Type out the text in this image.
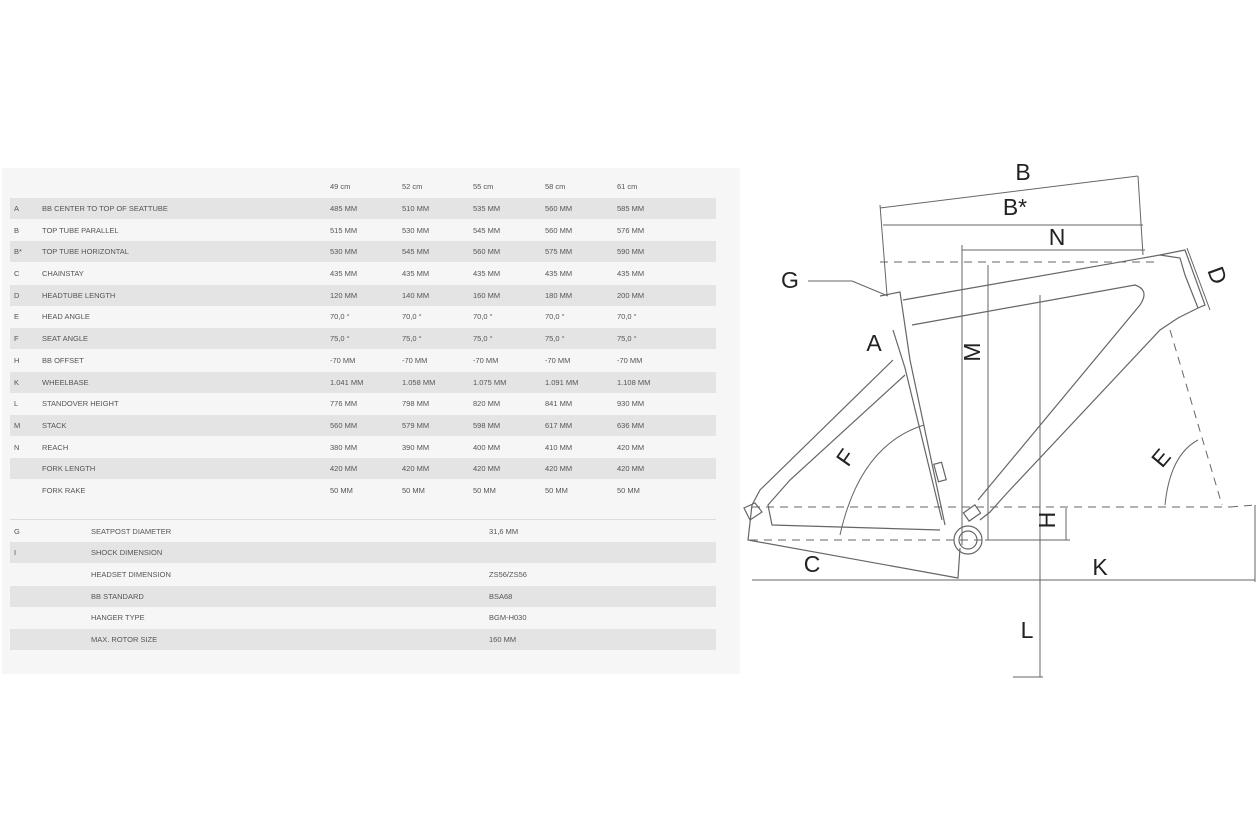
49 cm	52 cm	55 cm	58 cm	61 cm
A	BB CENTER TO TOP OF SEATTUBE	485 MM	510 MM	535 MM	560 MM	585 MM
B	TOP TUBE PARALLEL	515 MM	530 MM	545 MM	560 MM	576 MM
B*	TOP TUBE HORIZONTAL	530 MM	545 MM	560 MM	575 MM	590 MM
C	CHAINSTAY	435 MM	435 MM	435 MM	435 MM	435 MM
D	HEADTUBE LENGTH	120 MM	140 MM	160 MM	180 MM	200 MM
E	HEAD ANGLE	70,0 °	70,0 °	70,0 °	70,0 °	70,0 °
F	SEAT ANGLE	75,0 °	75,0 °	75,0 °	75,0 °	75,0 °
H	BB OFFSET	-70 MM	-70 MM	-70 MM	-70 MM	-70 MM
K	WHEELBASE	1.041 MM	1.058 MM	1.075 MM	1.091 MM	1.108 MM
L	STANDOVER HEIGHT	776 MM	798 MM	820 MM	841 MM	930 MM
M	STACK	560 MM	579 MM	598 MM	617 MM	636 MM
N	REACH	380 MM	390 MM	400 MM	410 MM	420 MM
FORK LENGTH	420 MM	420 MM	420 MM	420 MM	420 MM
FORK RAKE	50 MM	50 MM	50 MM	50 MM	50 MM
G	SEATPOST DIAMETER	31,6 MM
I	SHOCK DIMENSION
HEADSET DIMENSION	ZS56/ZS56
BB STANDARD	BSA68
HANGER TYPE	BGM-H030
MAX. ROTOR SIZE	160 MM
B
B*
N
G	D
A	M
F	E
H
C	K
L
